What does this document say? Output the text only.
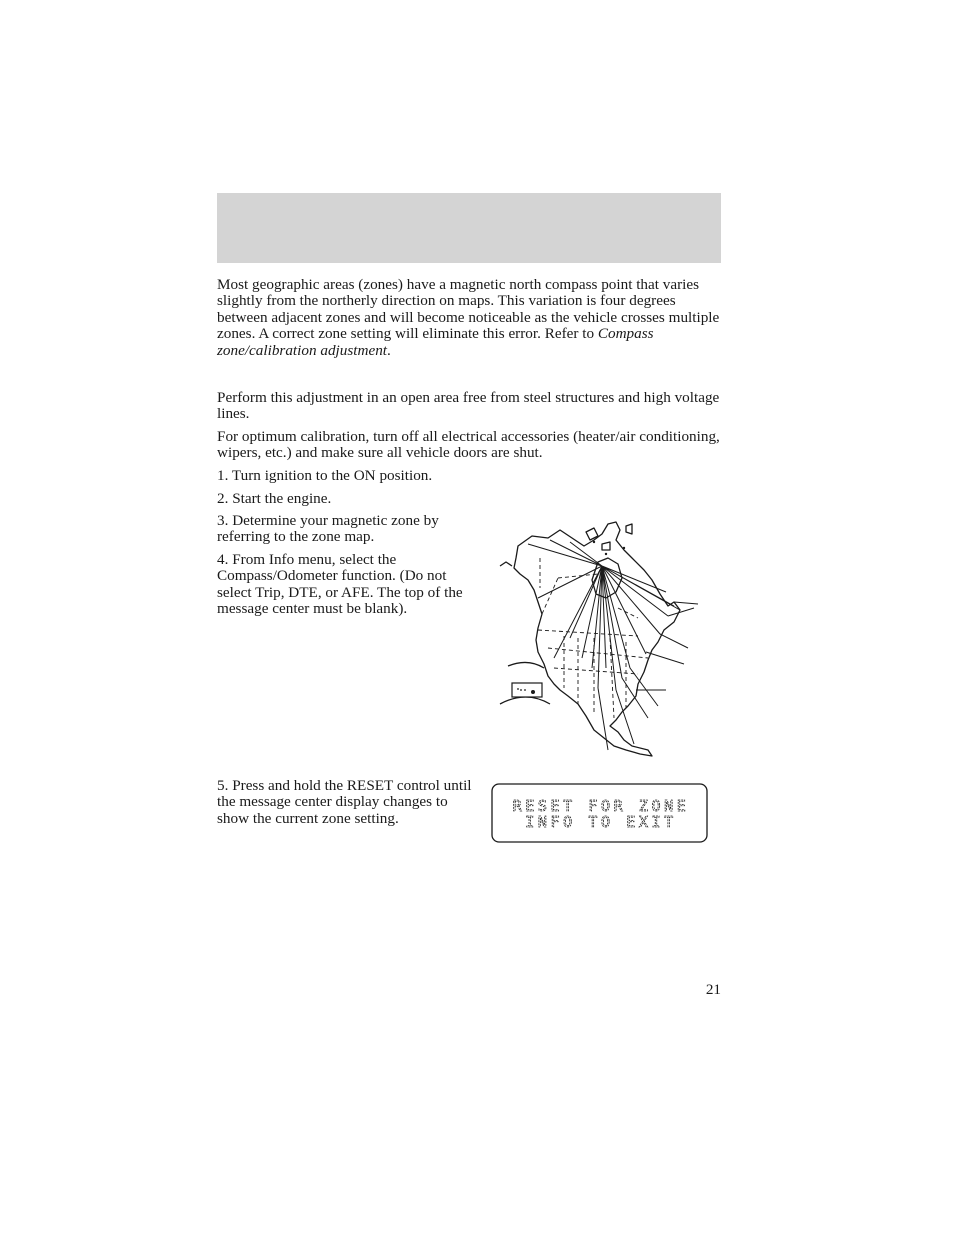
Most geographic areas (zones) have a magnetic north compass point that varies slightly from the northerly direction on maps. This variation is four degrees between adjacent zones and will become noticeable as the vehicle crosses multiple zones. A correct zone setting will eliminate this error. Refer to Compass zone/calibration adjustment.

Perform this adjustment in an open area free from steel structures and high voltage lines.

For optimum calibration, turn off all electrical accessories (heater/air conditioning, wipers, etc.) and make sure all vehicle doors are shut.

1. Turn ignition to the ON position.

2. Start the engine.

3. Determine your magnetic zone by referring to the zone map.

4. From Info menu, select the Compass/Odometer function. (Do not select Trip, DTE, or AFE. The top of the message center must be blank).

5. Press and hold the RESET control until the message center display changes to show the current zone setting.

RESET FOR ZONE
INFO TO EXIT
21
